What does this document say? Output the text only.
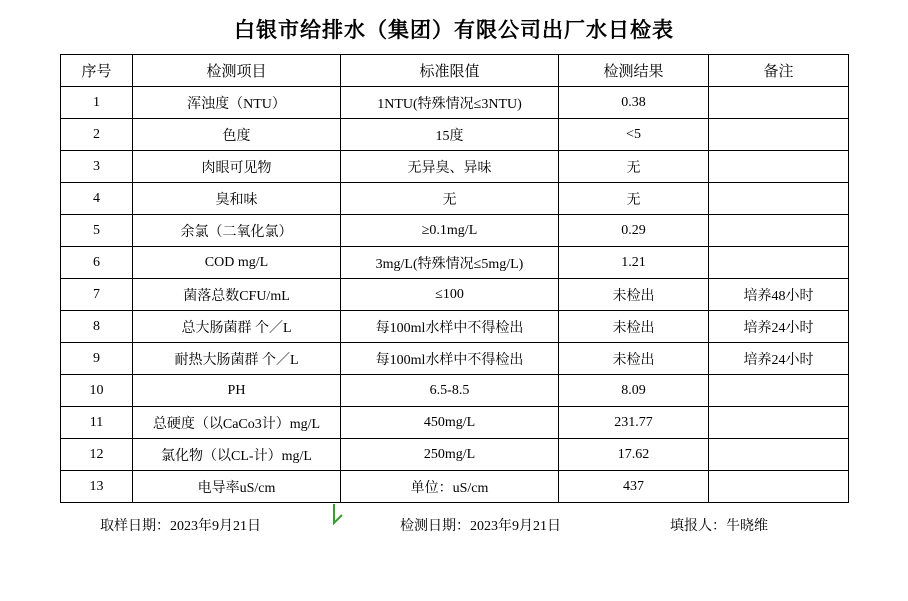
白银市给排水（集团）有限公司出厂水日检表
序号	检测项目	标准限值	检测结果	备注
1	浑浊度（NTU）	1NTU(特殊情况≤3NTU)	0.38	
2	色度	15度	<5	
3	肉眼可见物	无异臭、异味	无	
4	臭和味	无	无	
5	余氯（二氧化氯）	≥0.1mg/L	0.29	
6	COD mg/L	3mg/L(特殊情况≤5mg/L)	1.21	
7	菌落总数CFU/mL	≤100	未检出	培养48小时
8	总大肠菌群 个／L	每100ml水样中不得检出	未检出	培养24小时
9	耐热大肠菌群 个／L	每100ml水样中不得检出	未检出	培养24小时
10	PH	6.5-8.5	8.09	
11	总硬度（以CaCo3计）mg/L	450mg/L	231.77	
12	氯化物（以CL-计）mg/L	250mg/L	17.62	
13	电导率uS/cm	单位：uS/cm	437	
取样日期：2023年9月21日	检测日期：2023年9月21日	填报人：牛晓维
